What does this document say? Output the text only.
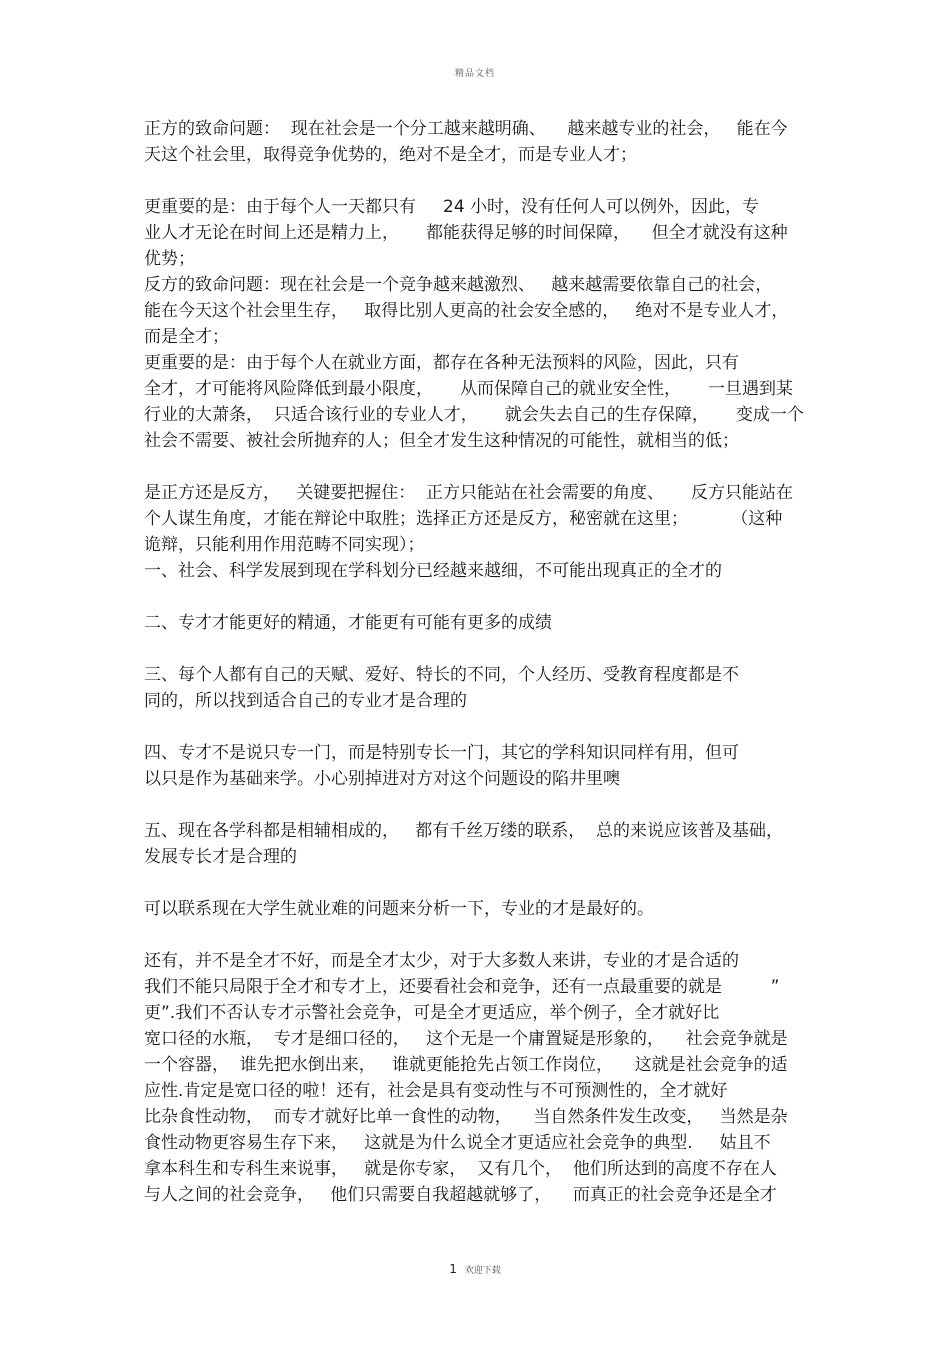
精品文档
正方的致命问题：  现在社会是一个分工越来越明确、    越来越专业的社会，   能在今
天这个社会里，取得竞争优势的，绝对不是全才，而是专业人才；
更重要的是：由于每个人一天都只有     24 小时，没有任何人可以例外，因此，专
业人才无论在时间上还是精力上，     都能获得足够的时间保障，    但全才就没有这种
优势；
反方的致命问题：现在社会是一个竞争越来越激烈、   越来越需要依靠自己的社会，
能在今天这个社会里生存，   取得比别人更高的社会安全感的，   绝对不是专业人才，
而是全才；
更重要的是：由于每个人在就业方面，都存在各种无法预料的风险，因此，只有
全才，才可能将风险降低到最小限度，     从而保障自己的就业安全性，     一旦遇到某
行业的大萧条，  只适合该行业的专业人才，     就会失去自己的生存保障，     变成一个
社会不需要、被社会所抛弃的人；但全才发生这种情况的可能性，就相当的低；
是正方还是反方，   关键要把握住：  正方只能站在社会需要的角度、     反方只能站在
个人谋生角度，才能在辩论中取胜；选择正方还是反方，秘密就在这里；        （这种
诡辩，只能利用作用范畴不同实现）；
一、社会、科学发展到现在学科划分已经越来越细，不可能出现真正的全才的
二、专才才能更好的精通，才能更有可能有更多的成绩
三、每个人都有自己的天赋、爱好、特长的不同，个人经历、受教育程度都是不
同的，所以找到适合自己的专业才是合理的
四、专才不是说只专一门，而是特别专长一门，其它的学科知识同样有用，但可
以只是作为基础来学。小心别掉进对方对这个问题设的陷井里噢
五、现在各学科都是相辅相成的，   都有千丝万缕的联系，  总的来说应该普及基础，
发展专长才是合理的
可以联系现在大学生就业难的问题来分析一下，专业的才是最好的。
还有，并不是全才不好，而是全才太少，对于大多数人来讲，专业的才是合适的
我们不能只局限于全才和专才上，还要看社会和竞争，还有一点最重要的就是         ”
更”.我们不否认专才示警社会竞争，可是全才更适应，举个例子，全才就好比
宽口径的水瓶，  专才是细口径的，   这个无是一个庸置疑是形象的，    社会竞争就是
一个容器，  谁先把水倒出来，   谁就更能抢先占领工作岗位，    这就是社会竞争的适
应性.肯定是宽口径的啦！还有，社会是具有变动性与不可预测性的，全才就好
比杂食性动物，  而专才就好比单一食性的动物，    当自然条件发生改变，   当然是杂
食性动物更容易生存下来，   这就是为什么说全才更适应社会竞争的典型.     姑且不
拿本科生和专科生来说事，   就是你专家，  又有几个，  他们所达到的高度不存在人
与人之间的社会竞争，   他们只需要自我超越就够了，    而真正的社会竞争还是全才
1 欢迎下载
